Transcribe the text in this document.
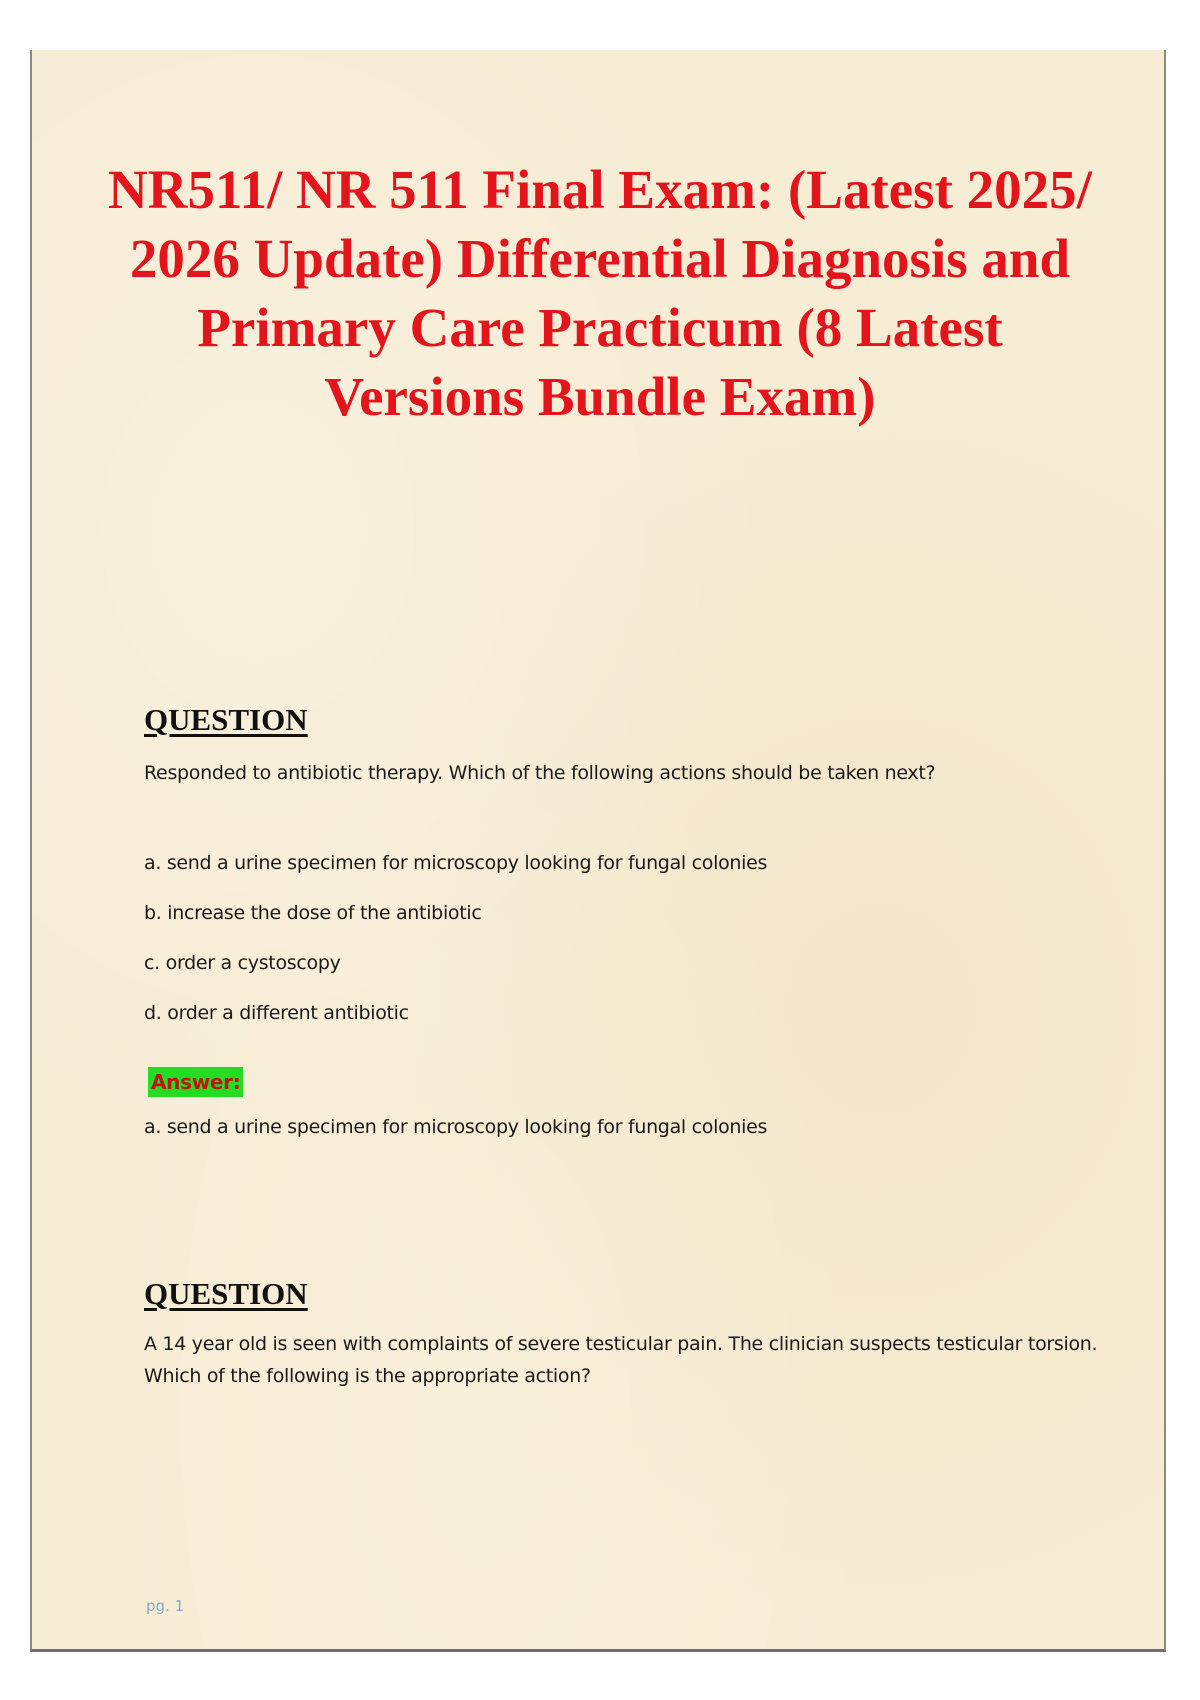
NR511/ NR 511 Final Exam: (Latest 2025/ 2026 Update) Differential Diagnosis and Primary Care Practicum (8 Latest Versions Bundle Exam)
QUESTION

Responded to antibiotic therapy. Which of the following actions should be taken next?

a. send a urine specimen for microscopy looking for fungal colonies
b. increase the dose of the antibiotic
c. order a cystoscopy
d. order a different antibiotic
Answer:

a. send a urine specimen for microscopy looking for fungal colonies

QUESTION

A 14 year old is seen with complaints of severe testicular pain. The clinician suspects testicular torsion. Which of the following is the appropriate action?

pg. 1
